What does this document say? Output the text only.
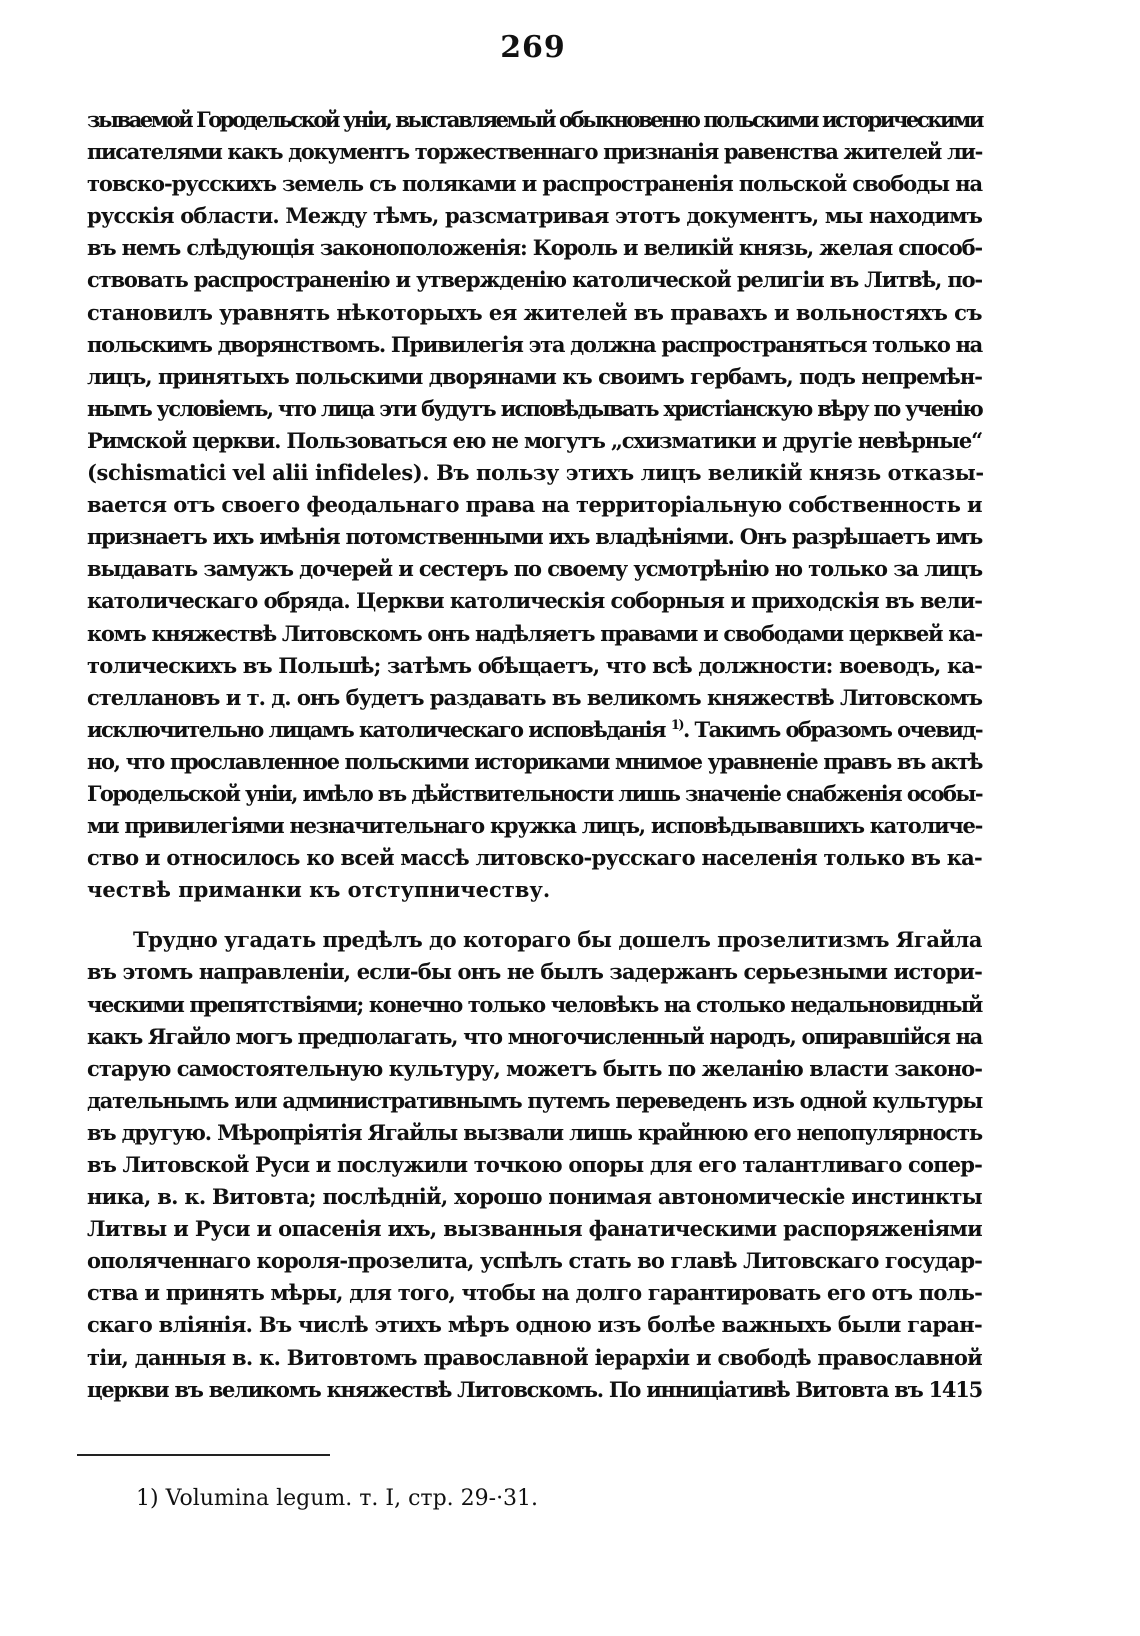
269
зываемой Городельской уніи, выставляемый обыкновенно польскими историческими
писателями какъ документъ торжественнаго признанія равенства жителей ли-
товско-русскихъ земель съ поляками и распространенія польской свободы на
русскія области. Между тѣмъ, разсматривая этотъ документъ, мы находимъ
въ немъ слѣдующія законоположенія: Король и великій князь, желая способ-
ствовать распространенію и утвержденію католической религіи въ Литвѣ, по-
становилъ уравнять нѣкоторыхъ ея жителей въ правахъ и вольностяхъ съ
польскимъ дворянствомъ. Привилегія эта должна распространяться только на
лицъ, принятыхъ польскими дворянами къ своимъ гербамъ, подъ непремѣн-
нымъ условіемъ, что лица эти будутъ исповѣдывать христіанскую вѣру по ученію
Римской церкви. Пользоваться ею не могутъ „схизматики и другіе невѣрные“
(schismatici vel alii infideles). Въ пользу этихъ лицъ великій князь отказы-
вается отъ своего феодальнаго права на территоріальную собственность и
признаетъ ихъ имѣнія потомственными ихъ владѣніями. Онъ разрѣшаетъ имъ
выдавать замужъ дочерей и сестеръ по своему усмотрѣнію но только за лицъ
католическаго обряда. Церкви католическія соборныя и приходскія въ вели-
комъ княжествѣ Литовскомъ онъ надѣляетъ правами и свободами церквей ка-
толическихъ въ Польшѣ; затѣмъ обѣщаетъ, что всѣ должности: воеводъ, ка-
стеллановъ и т. д. онъ будетъ раздавать въ великомъ княжествѣ Литовскомъ
исключительно лицамъ католическаго исповѣданія $^{1)}$. Такимъ образомъ очевид-
но, что прославленное польскими историками мнимое уравненіе правъ въ актѣ
Городельской уніи, имѣло въ дѣйствительности лишь значеніе снабженія особы-
ми привилегіями незначительнаго кружка лицъ, исповѣдывавшихъ католиче-
ство и относилось ко всей массѣ литовско-русскаго населенія только въ ка-
чествѣ приманки къ отступничеству.
Трудно угадать предѣлъ до котораго бы дошелъ прозелитизмъ Ягайла
въ этомъ направленіи, если-бы онъ не былъ задержанъ серьезными истори-
ческими препятствіями; конечно только человѣкъ на столько недальновидный
какъ Ягайло могъ предполагать, что многочисленный народъ, опиравшійся на
старую самостоятельную культуру, можетъ быть по желанію власти законо-
дательнымъ или административнымъ путемъ переведенъ изъ одной культуры
въ другую. Мѣропріятія Ягайлы вызвали лишь крайнюю его непопулярность
въ Литовской Руси и послужили точкою опоры для его талантливаго сопер-
ника, в. к. Витовта; послѣдній, хорошо понимая автономическіе инстинкты
Литвы и Руси и опасенія ихъ, вызванныя фанатическими распоряженіями
ополяченнаго короля-прозелита, успѣлъ стать во главѣ Литовскаго государ-
ства и принять мѣры, для того, чтобы на долго гарантировать его отъ поль-
скаго вліянія. Въ числѣ этихъ мѣръ одною изъ болѣе важныхъ были гаран-
тіи, данныя в. к. Витовтомъ православной іерархіи и свободѣ православной
церкви въ великомъ княжествѣ Литовскомъ. По инниціативѣ Витовта въ 1415
1) Volumina legum. т. I, стр. 29-·31.
